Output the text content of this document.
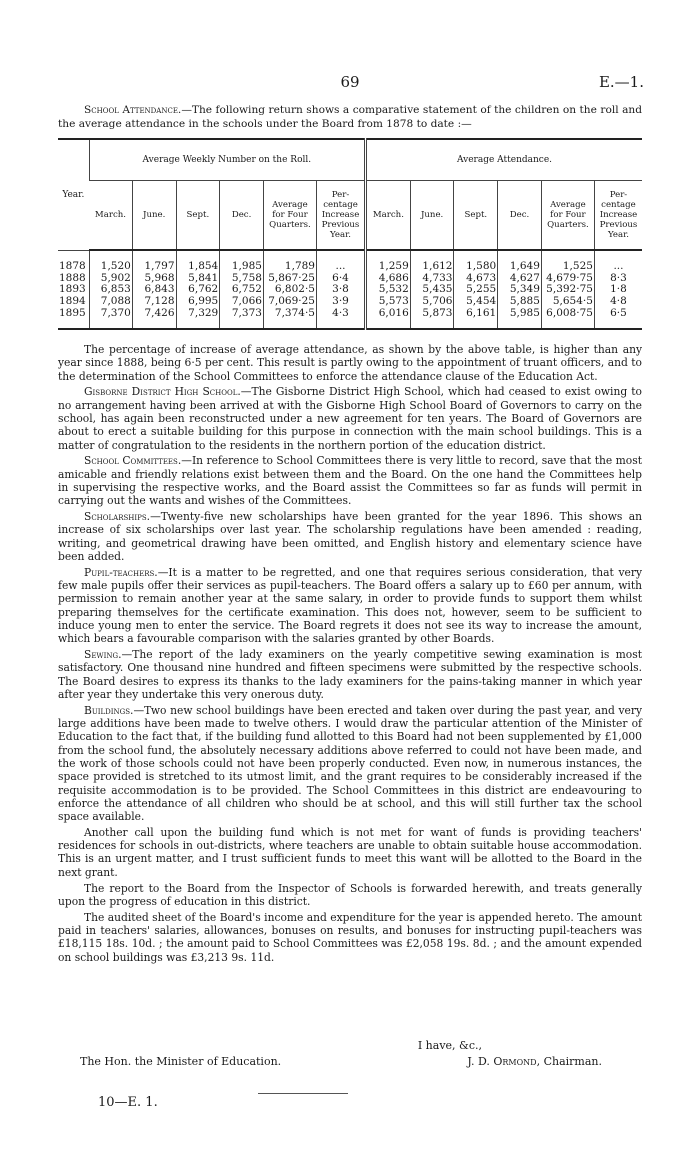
69	E.—1.

School Attendance.—The following return shows a comparative statement of the children on the roll and the average attendance in the schools under the Board from 1878 to date :—

Year.	Average Weekly Number on the Roll.						Average Attendance.					
	March.	June.	Sept.	Dec.	Average for Four Quarters.	Per-centage Increase Previous Year.	March.	June.	Sept.	Dec.	Average for Four Quarters.	Per-centage Increase Previous Year.
1878	1,520	1,797	1,854	1,985	1,789	...	1,259	1,612	1,580	1,649	1,525	...
1888	5,902	5,968	5,841	5,758	5,867·25	6·4	4,686	4,733	4,673	4,627	4,679·75	8·3
1893	6,853	6,843	6,762	6,752	6,802·5	3·8	5,532	5,435	5,255	5,349	5,392·75	1·8
1894	7,088	7,128	6,995	7,066	7,069·25	3·9	5,573	5,706	5,454	5,885	5,654·5	4·8
1895	7,370	7,426	7,329	7,373	7,374·5	4·3	6,016	5,873	6,161	5,985	6,008·75	6·5

The percentage of increase of average attendance, as shown by the above table, is higher than any year since 1888, being 6·5 per cent. This result is partly owing to the appointment of truant officers, and to the determination of the School Committees to enforce the attendance clause of the Education Act.

Gisborne District High School.—The Gisborne District High School, which had ceased to exist owing to no arrangement having been arrived at with the Gisborne High School Board of Governors to carry on the school, has again been reconstructed under a new agreement for ten years. The Board of Governors are about to erect a suitable building for this purpose in connection with the main school buildings. This is a matter of congratulation to the residents in the northern portion of the education district.

School Committees.—In reference to School Committees there is very little to record, save that the most amicable and friendly relations exist between them and the Board. On the one hand the Committees help in supervising the respective works, and the Board assist the Committees so far as funds will permit in carrying out the wants and wishes of the Committees.

Scholarships.—Twenty-five new scholarships have been granted for the year 1896. This shows an increase of six scholarships over last year. The scholarship regulations have been amended : reading, writing, and geometrical drawing have been omitted, and English history and elementary science have been added.

Pupil-teachers.—It is a matter to be regretted, and one that requires serious consideration, that very few male pupils offer their services as pupil-teachers. The Board offers a salary up to £60 per annum, with permission to remain another year at the same salary, in order to provide funds to support them whilst preparing themselves for the certificate examination. This does not, however, seem to be sufficient to induce young men to enter the service. The Board regrets it does not see its way to increase the amount, which bears a favourable comparison with the salaries granted by other Boards.

Sewing.—The report of the lady examiners on the yearly competitive sewing examination is most satisfactory. One thousand nine hundred and fifteen specimens were submitted by the respective schools. The Board desires to express its thanks to the lady examiners for the pains-taking manner in which year after year they undertake this very onerous duty.

Buildings.—Two new school buildings have been erected and taken over during the past year, and very large additions have been made to twelve others. I would draw the particular attention of the Minister of Education to the fact that, if the building fund allotted to this Board had not been supplemented by £1,000 from the school fund, the absolutely necessary additions above referred to could not have been made, and the work of those schools could not have been properly conducted. Even now, in numerous instances, the space provided is stretched to its utmost limit, and the grant requires to be considerably increased if the requisite accommodation is to be provided. The School Committees in this district are endeavouring to enforce the attendance of all children who should be at school, and this will still further tax the school space available.

Another call upon the building fund which is not met for want of funds is providing teachers' residences for schools in out-districts, where teachers are unable to obtain suitable house accommodation. This is an urgent matter, and I trust sufficient funds to meet this want will be allotted to the Board in the next grant.

The report to the Board from the Inspector of Schools is forwarded herewith, and treats generally upon the progress of education in this district.

The audited sheet of the Board's income and expenditure for the year is appended hereto. The amount paid in teachers' salaries, allowances, bonuses on results, and bonuses for instructing pupil-teachers was £18,115 18s. 10d. ; the amount paid to School Committees was £2,058 19s. 8d. ; and the amount expended on school buildings was £3,213 9s. 11d.

I have, &c.,
The Hon. the Minister of Education.	J. D. Ormond, Chairman.
10—E. 1.
